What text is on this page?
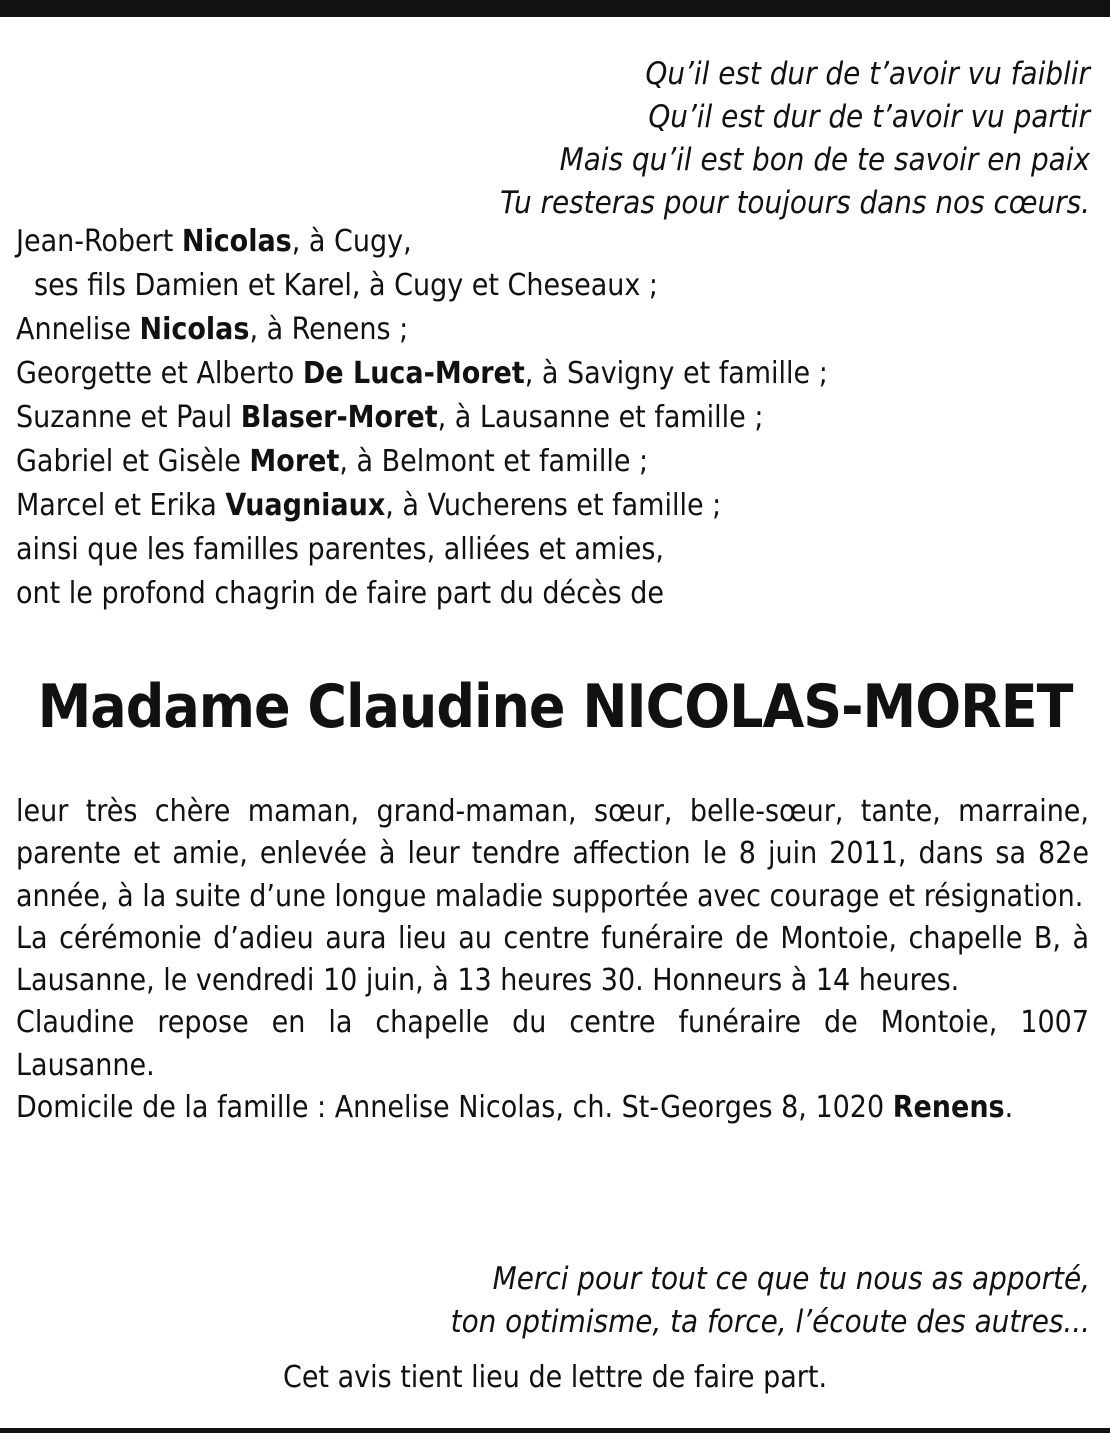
Qu’il est dur de t’avoir vu faiblir
Qu’il est dur de t’avoir vu partir
Mais qu’il est bon de te savoir en paix
Tu resteras pour toujours dans nos cœurs.
Jean-Robert Nicolas, à Cugy,
ses fils Damien et Karel, à Cugy et Cheseaux ;
Annelise Nicolas, à Renens ;
Georgette et Alberto De Luca-Moret, à Savigny et famille ;
Suzanne et Paul Blaser-Moret, à Lausanne et famille ;
Gabriel et Gisèle Moret, à Belmont et famille ;
Marcel et Erika Vuagniaux, à Vucherens et famille ;
ainsi que les familles parentes, alliées et amies,
ont le profond chagrin de faire part du décès de
Madame Claudine NICOLAS-MORET
leur très chère maman, grand-maman, sœur, belle-sœur, tante, marraine, parente et amie, enlevée à leur tendre affection le 8 juin 2011, dans sa 82e année, à la suite d’une longue maladie supportée avec courage et résignation.
La cérémonie d’adieu aura lieu au centre funéraire de Montoie, chapelle B, à Lausanne, le vendredi 10 juin, à 13 heures 30. Honneurs à 14 heures.
Claudine repose en la chapelle du centre funéraire de Montoie, 1007 Lausanne.
Domicile de la famille : Annelise Nicolas, ch. St-Georges 8, 1020 Renens.
Merci pour tout ce que tu nous as apporté,
ton optimisme, ta force, l’écoute des autres...
Cet avis tient lieu de lettre de faire part.
